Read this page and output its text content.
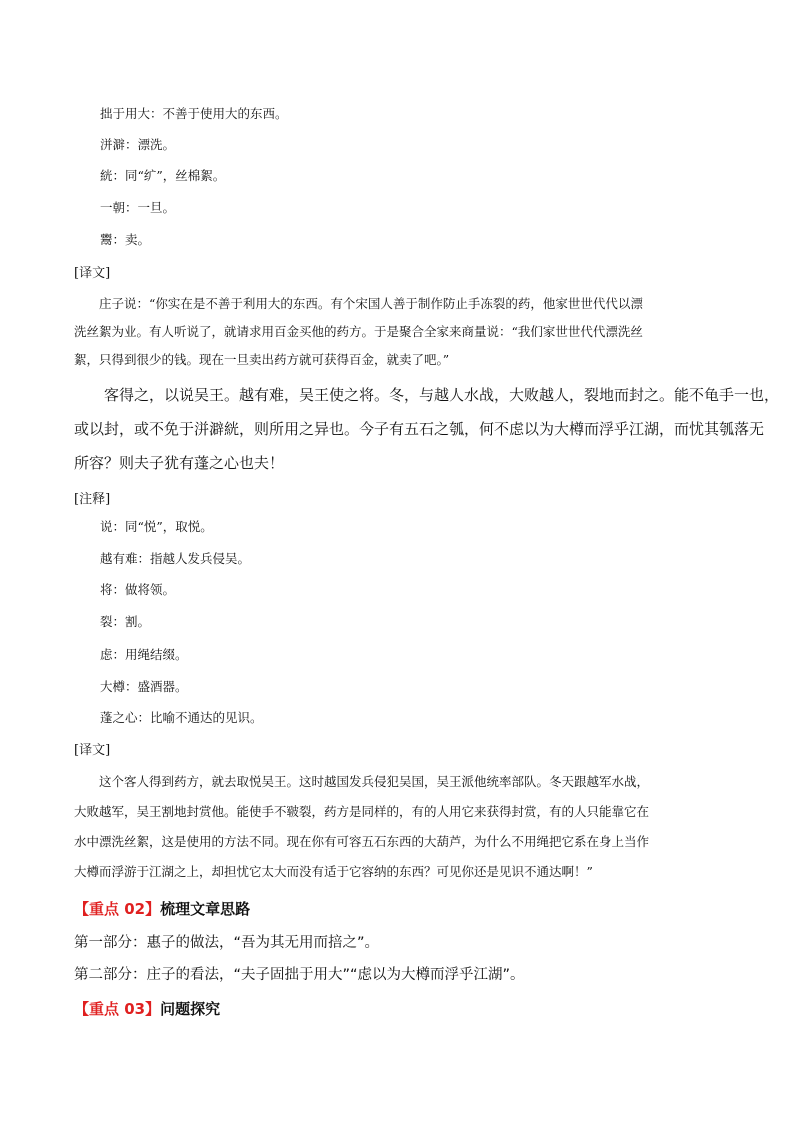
拙于用大：不善于使用大的东西。
洴澼：漂洗。
絖：同“纩”，丝棉絮。
一朝：一旦。
鬻：卖。
[译文]
庄子说：“你实在是不善于利用大的东西。有个宋国人善于制作防止手冻裂的药，他家世世代代以漂
洗丝絮为业。有人听说了，就请求用百金买他的药方。于是聚合全家来商量说：“我们家世世代代漂洗丝
絮，只得到很少的钱。现在一旦卖出药方就可获得百金，就卖了吧。”
客得之，以说吴王。越有难，吴王使之将。冬，与越人水战，大败越人，裂地而封之。能不龟手一也，
或以封，或不免于洴澼絖，则所用之异也。今子有五石之瓠，何不虑以为大樽而浮乎江湖，而忧其瓠落无
所容？则夫子犹有蓬之心也夫！
[注释]
说：同“悦”，取悦。
越有难：指越人发兵侵吴。
将：做将领。
裂：割。
虑：用绳结缀。
大樽：盛酒器。
蓬之心：比喻不通达的见识。
[译文]
这个客人得到药方，就去取悦吴王。这时越国发兵侵犯吴国，吴王派他统率部队。冬天跟越军水战，
大败越军，吴王割地封赏他。能使手不皲裂，药方是同样的，有的人用它来获得封赏，有的人只能靠它在
水中漂洗丝絮，这是使用的方法不同。现在你有可容五石东西的大葫芦，为什么不用绳把它系在身上当作
大樽而浮游于江湖之上，却担忧它太大而没有适于它容纳的东西？可见你还是见识不通达啊！”
【重点 02】梳理文章思路
第一部分：惠子的做法，“吾为其无用而掊之”。
第二部分：庄子的看法，“夫子固拙于用大”“虑以为大樽而浮乎江湖”。
【重点 03】问题探究
